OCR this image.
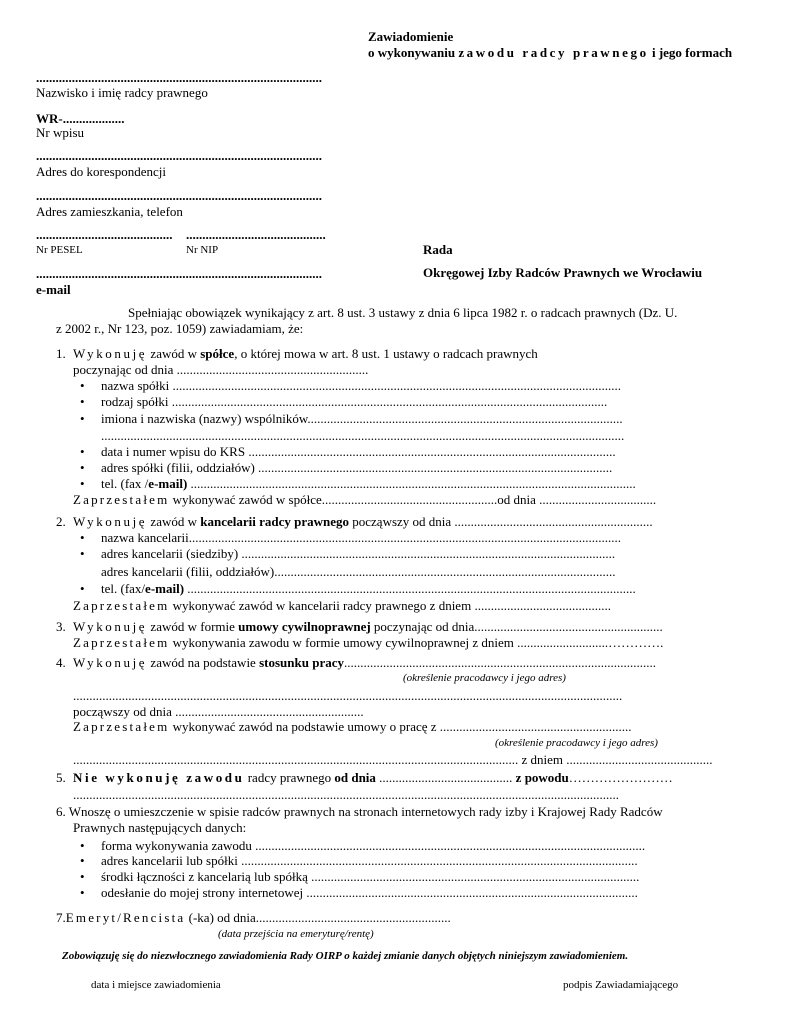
Zawiadomienie
o wykonywaniu zawodu radcy prawnego i jego formach
........................................................................................
Nazwisko i imię radcy prawnego
WR-...................
Nr wpisu
........................................................................................
Adres do korespondencji
........................................................................................
Adres zamieszkania, telefon
.......................................... ...........................................
Nr PESEL	Nr NIP
........................................................................................
e-mail
Rada
Okręgowej Izby Radców Prawnych we Wrocławiu
Spełniając obowiązek wynikający z art. 8 ust. 3 ustawy z dnia 6 lipca 1982 r. o radcach prawnych (Dz. U.
z 2002 r., Nr 123, poz. 1059) zawiadamiam, że:
1. Wykonuję zawód w spółce, o której mowa w art. 8 ust. 1 ustawy o radcach prawnych
poczynając od dnia ...........................................................
• nazwa spółki ..........................................................................................................................................
• rodzaj spółki ......................................................................................................................................
• imiona i nazwiska (nazwy) wspólników.................................................................................................
.................................................................................................................................................................
• data i numer wpisu do KRS .................................................................................................................
• adres spółki (filii, oddziałów) .............................................................................................................
• tel. (fax /e-mail) .........................................................................................................................................
Zaprzestałem wykonywać zawód w spółce......................................................od dnia ....................................
2. Wykonuję zawód w kancelarii radcy prawnego począwszy od dnia .............................................................
• nazwa kancelarii.....................................................................................................................................
• adres kancelarii (siedziby) ...................................................................................................................
adres kancelarii (filii, oddziałów).........................................................................................................
• tel. (fax/e-mail) ..........................................................................................................................................
Zaprzestałem wykonywać zawód w kancelarii radcy prawnego z dniem ..........................................
3. Wykonuję zawód w formie umowy cywilnoprawnej poczynając od dnia..........................................................
Zaprzestałem wykonywania zawodu w formie umowy cywilnoprawnej z dniem ............................………….
4. Wykonuję zawód na podstawie stosunku pracy................................................................................................
(określenie pracodawcy i jego adres)
.........................................................................................................................................................................
począwszy od dnia ..........................................................
Zaprzestałem wykonywać zawód na podstawie umowy o pracę z ...........................................................
(określenie pracodawcy i jego adres)
......................................................................................................................................... z dniem .............................................
5. Nie wykonuję zawodu radcy prawnego od dnia ......................................... z powodu……………………
........................................................................................................................................................................
6. Wnoszę o umieszczenie w spisie radców prawnych na stronach internetowych rady izby i Krajowej Rady Radców
Prawnych następujących danych:
• forma wykonywania zawodu ........................................................................................................................
• adres kancelarii lub spółki ..........................................................................................................................
• środki łączności z kancelarią lub spółką .....................................................................................................
• odesłanie do mojej strony internetowej ......................................................................................................
7.Emeryt/Rencista (-ka) od dnia............................................................
(data przejścia na emeryturę/rentę)
Zobowiązuję się do niezwłocznego zawiadomienia Rady OIRP o każdej zmianie danych objętych niniejszym zawiadomieniem.
data i miejsce zawiadomienia	podpis Zawiadamiającego
